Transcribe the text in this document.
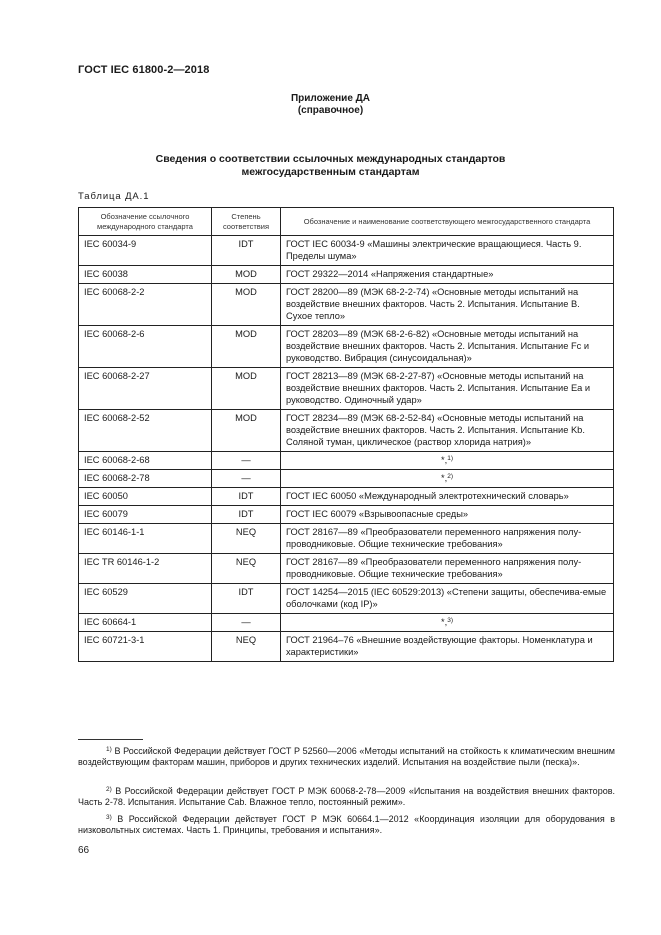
ГОСТ IEC 61800-2—2018
Приложение ДА
(справочное)
Сведения о соответствии ссылочных международных стандартов
межгосударственным стандартам
Таблица ДА.1
Обозначение ссылочного международного стандарта	Степень соответствия	Обозначение и наименование соответствующего межгосударственного стандарта
IEC 60034-9	IDT	ГОСТ IEC 60034-9 «Машины электрические вращающиеся. Часть 9. Пределы шума»
IEC 60038	MOD	ГОСТ 29322—2014 «Напряжения стандартные»
IEC 60068-2-2	MOD	ГОСТ 28200—89 (МЭК 68-2-2-74) «Основные методы испытаний на воздействие внешних факторов. Часть 2. Испытания. Испытание В. Сухое тепло»
IEC 60068-2-6	MOD	ГОСТ 28203—89 (МЭК 68-2-6-82) «Основные методы испытаний на воздействие внешних факторов. Часть 2. Испытания. Испытание Fc и руководство. Вибрация (синусоидальная)»
IEC 60068-2-27	MOD	ГОСТ 28213—89 (МЭК 68-2-27-87) «Основные методы испытаний на воздействие внешних факторов. Часть 2. Испытания. Испытание Еа и руководство. Одиночный удар»
IEC 60068-2-52	MOD	ГОСТ 28234—89 (МЭК 68-2-52-84) «Основные методы испытаний на воздействие внешних факторов. Часть 2. Испытания. Испытание Kb. Соляной туман, циклическое (раствор хлорида натрия)»
IEC 60068-2-68	—	*,$^{1)}$
IEC 60068-2-78	—	*,$^{2)}$
IEC 60050	IDT	ГОСТ IEC 60050 «Международный электротехнический словарь»
IEC 60079	IDT	ГОСТ IEC 60079 «Взрывоопасные среды»
IEC 60146-1-1	NEQ	ГОСТ 28167—89 «Преобразователи переменного напряжения полу-проводниковые. Общие технические требования»
IEC TR 60146-1-2	NEQ	ГОСТ 28167—89 «Преобразователи переменного напряжения полу-проводниковые. Общие технические требования»
IEC 60529	IDT	ГОСТ 14254—2015 (IEC 60529:2013) «Степени защиты, обеспечива-емые оболочками (код IP)»
IEC 60664-1	—	*,$^{3)}$
IEC 60721-3-1	NEQ	ГОСТ 21964–76 «Внешние воздействующие факторы. Номенклатура и характеристики»
$^{1)}$ В Российской Федерации действует ГОСТ Р 52560—2006 «Методы испытаний на стойкость к климатическим внешним воздействующим факторам машин, приборов и других технических изделий. Испытания на воздействие пыли (песка)».
$^{2)}$ В Российской Федерации действует ГОСТ Р МЭК 60068-2-78—2009 «Испытания на воздействия внешних факторов. Часть 2-78. Испытания. Испытание Cab. Влажное тепло, постоянный режим».
$^{3)}$ В Российской Федерации действует ГОСТ Р МЭК 60664.1—2012 «Координация изоляции для оборудования в низковольтных системах. Часть 1. Принципы, требования и испытания».
66
